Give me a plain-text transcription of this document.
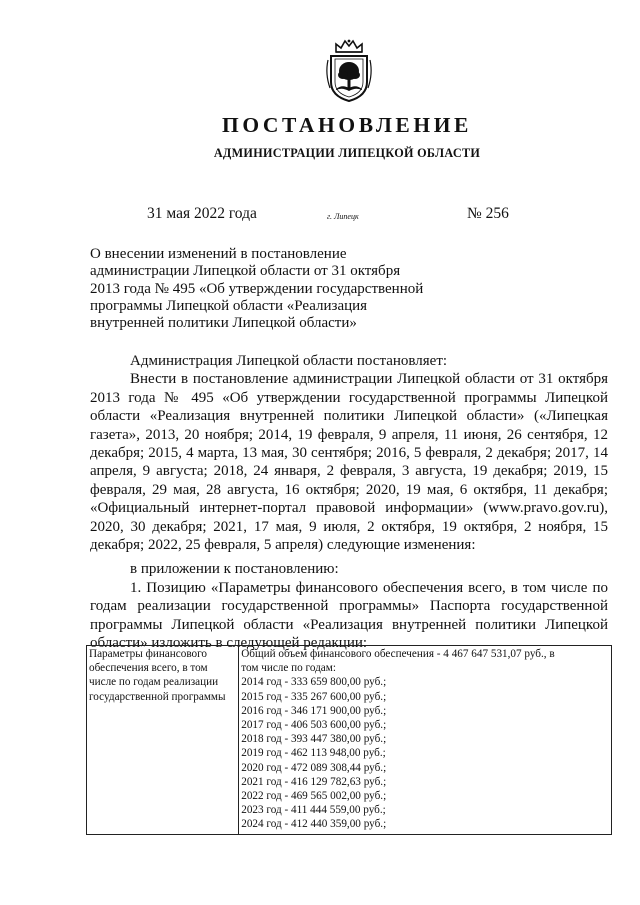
ПОСТАНОВЛЕНИЕ
АДМИНИСТРАЦИИ ЛИПЕЦКОЙ ОБЛАСТИ
31 мая 2022 года	г. Липецк	№ 256
О внесении изменений в постановление
администрации Липецкой области от 31 октября
2013 года № 495 «Об утверждении государственной
программы Липецкой области «Реализация
внутренней политики Липецкой области»

Администрация Липецкой области постановляет:

Внести в постановление администрации Липецкой области от 31 октября 2013 года № 495 «Об утверждении государственной программы Липецкой области «Реализация внутренней политики Липецкой области» («Липецкая газета», 2013, 20 ноября; 2014, 19 февраля, 9 апреля, 11 июня, 26 сентября, 12 декабря; 2015, 4 марта, 13 мая, 30 сентября; 2016, 5 февраля, 2 декабря; 2017, 14 апреля, 9 августа; 2018, 24 января, 2 февраля, 3 августа, 19 декабря; 2019, 15 февраля, 29 мая, 28 августа, 16 октября; 2020, 19 мая, 6 октября, 11 декабря; «Официальный интернет-портал правовой информации» (www.pravo.gov.ru), 2020, 30 декабря; 2021, 17 мая, 9 июля, 2 октября, 19 октября, 2 ноября, 15 декабря; 2022, 25 февраля, 5 апреля) следующие изменения:

в приложении к постановлению:

1. Позицию «Параметры финансового обеспечения всего, в том числе по годам реализации государственной программы» Паспорта государственной программы Липецкой области «Реализация внутренней политики Липецкой области» изложить в следующей редакции:

Параметры финансового обеспечения всего, в том числе по годам реализации государственной программы	
Общий объем финансового обеспечения - 4 467 647 531,07 руб., в
том числе по годам:
2014 год - 333 659 800,00 руб.;
2015 год - 335 267 600,00 руб.;
2016 год - 346 171 900,00 руб.;
2017 год - 406 503 600,00 руб.;
2018 год - 393 447 380,00 руб.;
2019 год - 462 113 948,00 руб.;
2020 год - 472 089 308,44 руб.;
2021 год - 416 129 782,63 руб.;
2022 год - 469 565 002,00 руб.;
2023 год - 411 444 559,00 руб.;
2024 год - 412 440 359,00 руб.;
